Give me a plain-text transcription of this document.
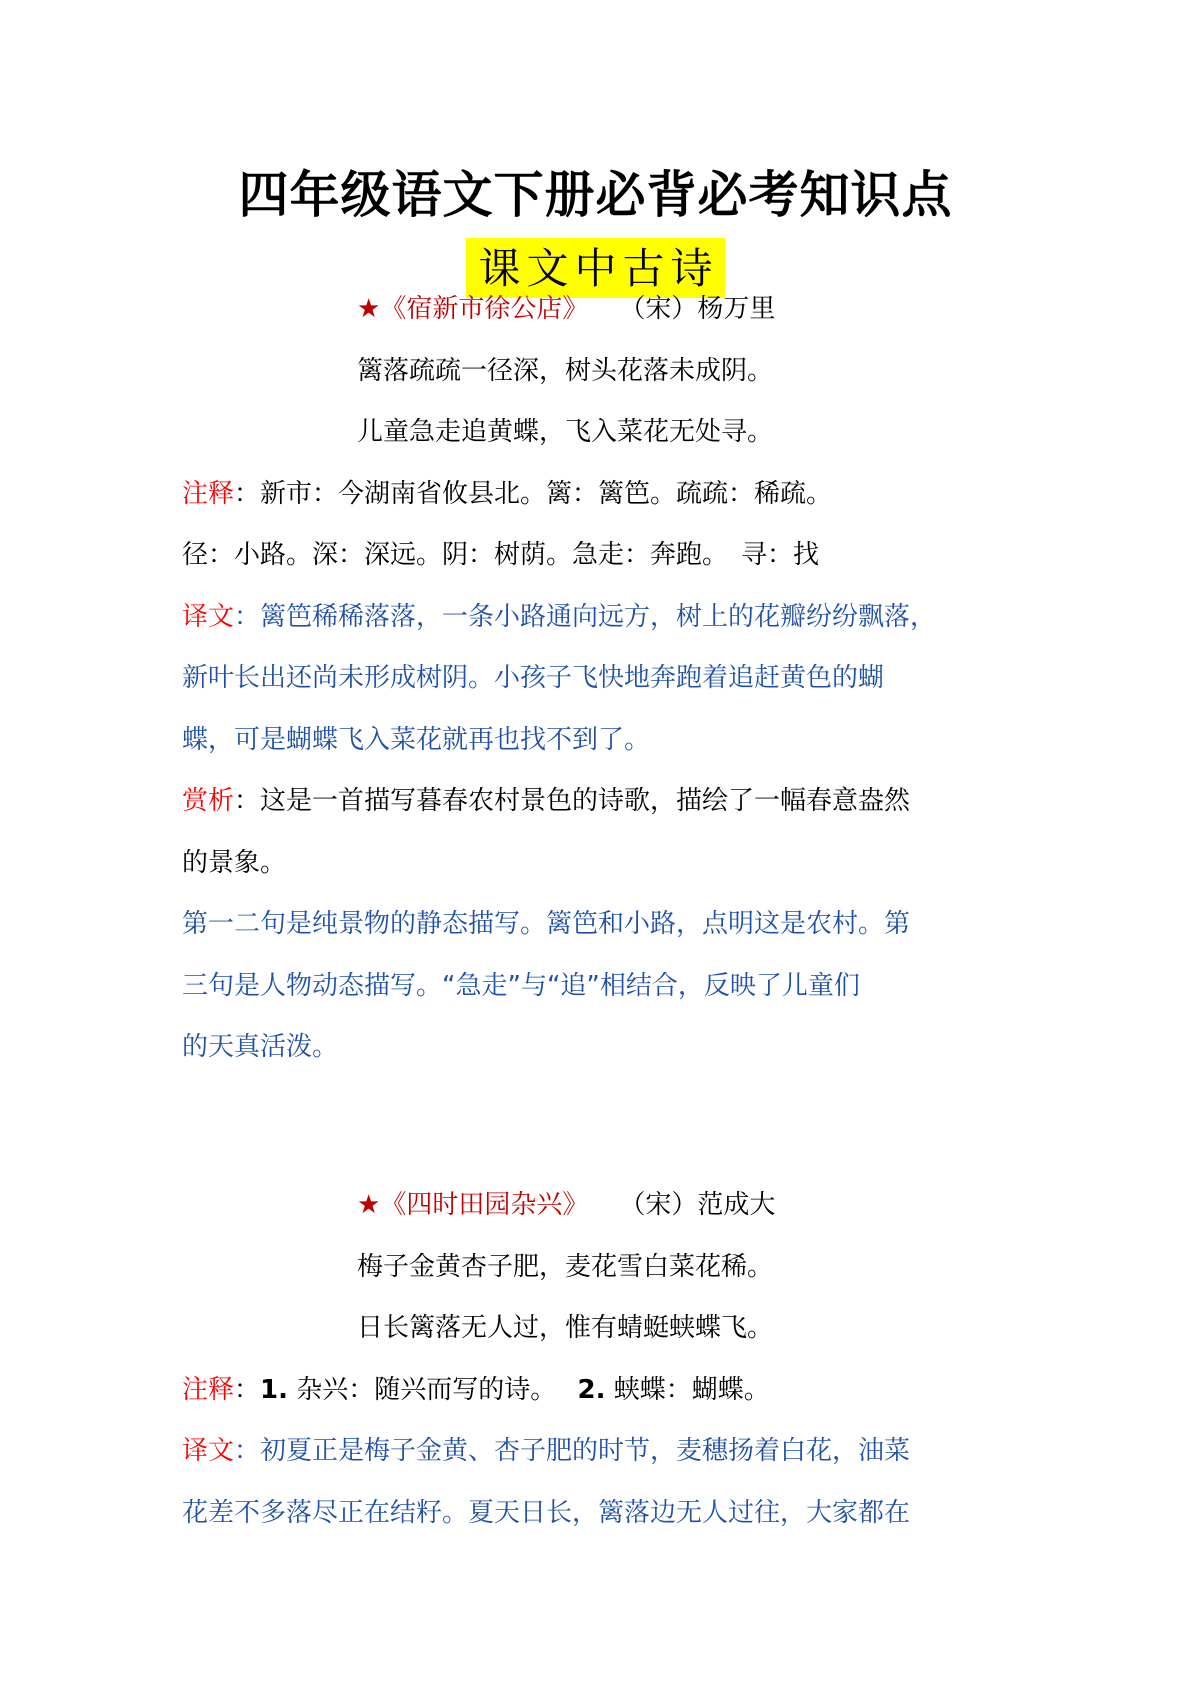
四年级语文下册必背必考知识点
课文中古诗
★《宿新市徐公店》 （宋）杨万里
篱落疏疏一径深，树头花落未成阴。
儿童急走追黄蝶，飞入菜花无处寻。
注释：新市：今湖南省攸县北。篱：篱笆。疏疏：稀疏。
径：小路。深：深远。阴：树荫。急走：奔跑。　寻：找
译文：篱笆稀稀落落，一条小路通向远方，树上的花瓣纷纷飘落，
新叶长出还尚未形成树阴。小孩子飞快地奔跑着追赶黄色的蝴
蝶，可是蝴蝶飞入菜花就再也找不到了。
赏析：这是一首描写暮春农村景色的诗歌，描绘了一幅春意盎然
的景象。
第一二句是纯景物的静态描写。篱笆和小路，点明这是农村。第
三句是人物动态描写。“急走”与“追”相结合，反映了儿童们
的天真活泼。
★《四时田园杂兴》 （宋）范成大
梅子金黄杏子肥，麦花雪白菜花稀。
日长篱落无人过，惟有蜻蜓蛱蝶飞。
注释：1. 杂兴：随兴而写的诗。　 2. 蛱蝶：蝴蝶。
译文：初夏正是梅子金黄、杏子肥的时节，麦穗扬着白花，油菜
花差不多落尽正在结籽。夏天日长，篱落边无人过往，大家都在
